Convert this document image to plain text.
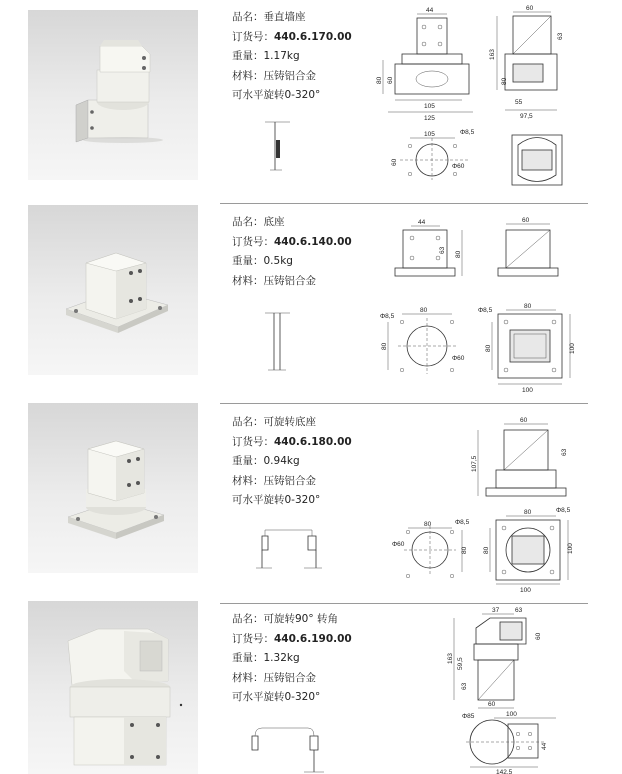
品名：垂直墙座
订货号：440.6.170.00
重量：1.17kg
材料：压铸铝合金
可水平旋转0-320°
44
105
125
80 60
60
63
163
80
55
97,5
105	Φ8,5
60
Φ60
品名：底座
订货号：440.6.140.00
重量：0.5kg
材料：压铸铝合金
44
63
80
60
Φ8,5
80
80
Φ60
Φ8,5
80
80	100
100
品名：可旋转底座
订货号：440.6.180.00
重量：0.94kg
材料：压铸铝合金
可水平旋转0-320°
60
107,5
63
80	Φ8,5
Φ60
80
80	Φ8,5
80	100
100
品名：可旋转90° 转角
订货号：440.6.190.00
重量：1.32kg
材料：压铸铝合金
可水平旋转0-320°
37 63
60
163 59,5
63
60
Φ85	100
44
142,5
